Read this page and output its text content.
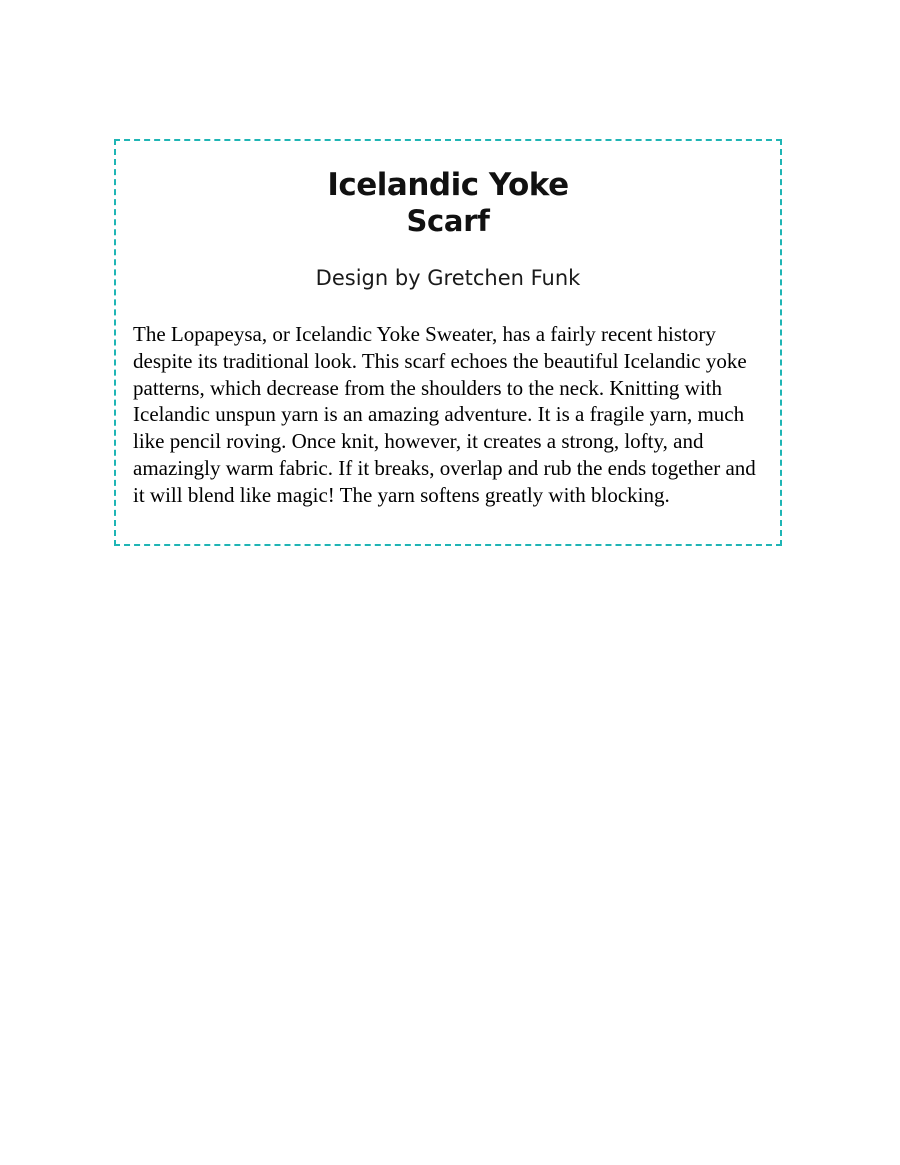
Icelandic Yoke
Scarf

Design by Gretchen Funk

The Lopapeysa, or Icelandic Yoke Sweater, has a fairly recent history despite its traditional look. This scarf echoes the beautiful Icelandic yoke patterns, which decrease from the shoulders to the neck. Knitting with Icelandic unspun yarn is an amazing adventure. It is a fragile yarn, much like pencil roving. Once knit, however, it creates a strong, lofty, and amazingly warm fabric. If it breaks, overlap and rub the ends together and it will blend like magic! The yarn softens greatly with blocking.
